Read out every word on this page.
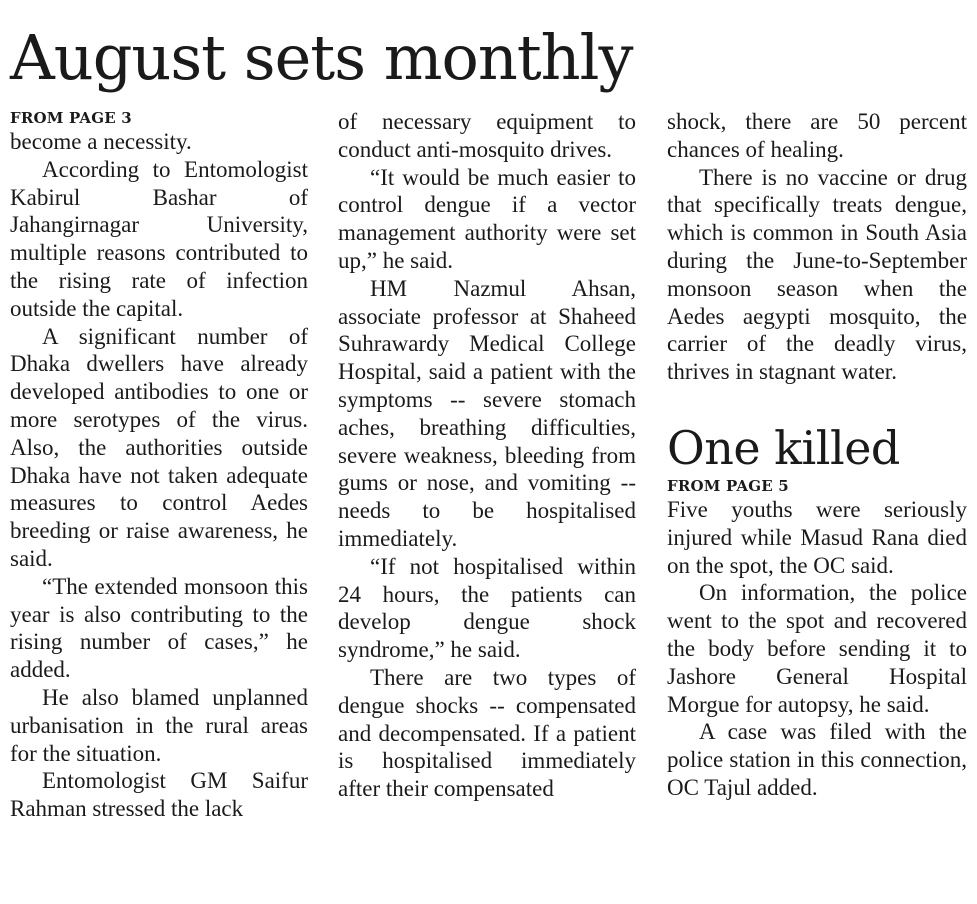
August sets monthly

FROM PAGE 3

become a necessity.

According to Entomologist Kabirul Bashar of Jahangirnagar University, multiple reasons contributed to the rising rate of infection outside the capital.

A significant number of Dhaka dwellers have already developed antibodies to one or more serotypes of the virus. Also, the authorities outside Dhaka have not taken adequate measures to control Aedes breeding or raise awareness, he said.

“The extended monsoon this year is also contributing to the rising number of cases,” he added.

He also blamed unplanned urbanisation in the rural areas for the situation.

Entomologist GM Saifur Rahman stressed the lack

of necessary equipment to conduct anti-mosquito drives.

“It would be much easier to control dengue if a vector management authority were set up,” he said.

HM Nazmul Ahsan, associate professor at Shaheed Suhrawardy Medical College Hospital, said a patient with the symptoms -- severe stomach aches, breathing difficulties, severe weakness, bleeding from gums or nose, and vomiting -- needs to be hospitalised immediately.

“If not hospitalised within 24 hours, the patients can develop dengue shock syndrome,” he said.

There are two types of dengue shocks -- compensated and decompensated. If a patient is hospitalised immediately after their compensated

shock, there are 50 percent chances of healing.

There is no vaccine or drug that specifically treats dengue, which is common in South Asia during the June-to-September monsoon season when the Aedes aegypti mosquito, the carrier of the deadly virus, thrives in stagnant water.

One killed

FROM PAGE 5

Five youths were seriously injured while Masud Rana died on the spot, the OC said.

On information, the police went to the spot and recovered the body before sending it to Jashore General Hospital Morgue for autopsy, he said.

A case was filed with the police station in this connection, OC Tajul added.
